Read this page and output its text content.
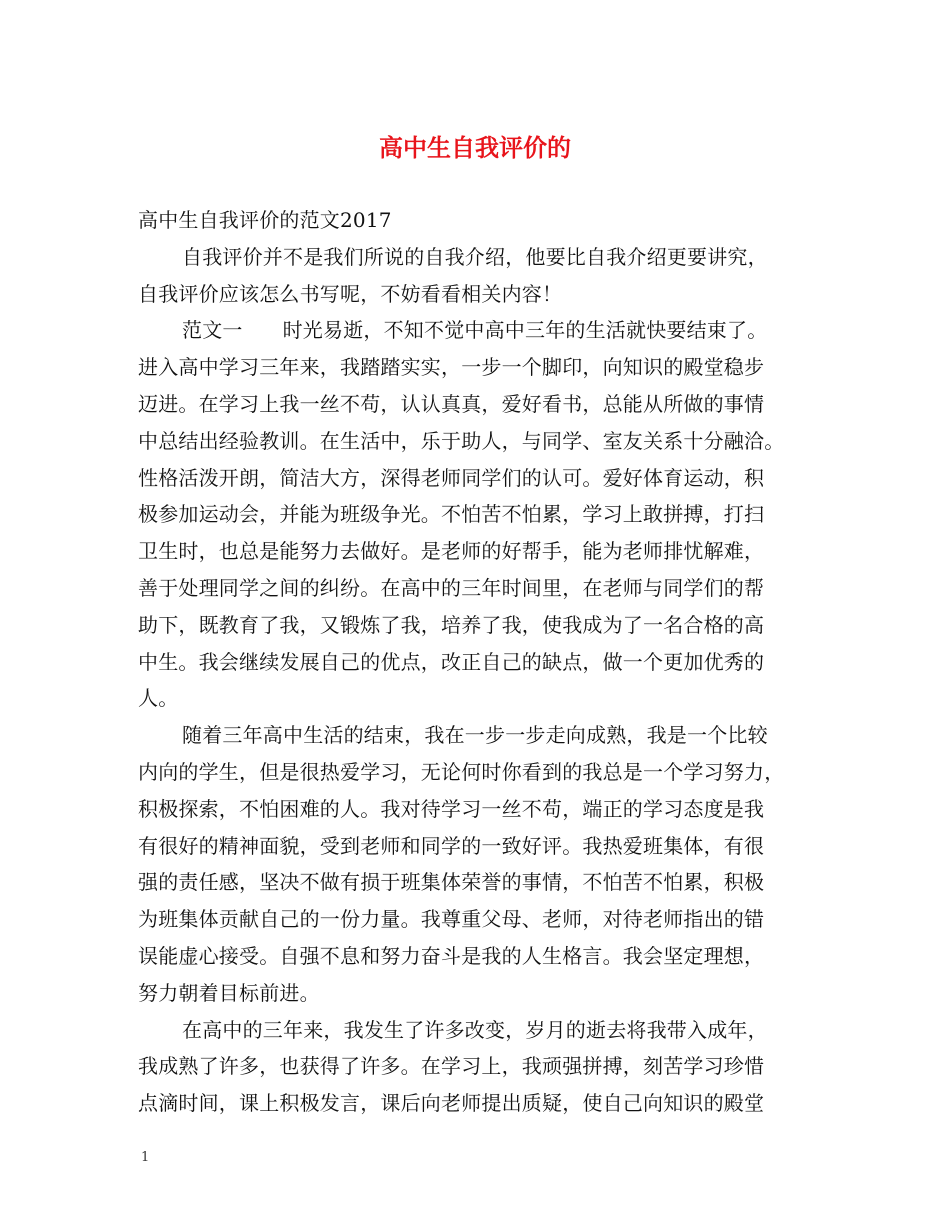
高中生自我评价的
高中生自我评价的范文2017
自我评价并不是我们所说的自我介绍，他要比自我介绍更要讲究，
自我评价应该怎么书写呢，不妨看看相关内容！
范文一 时光易逝，不知不觉中高中三年的生活就快要结束了。
进入高中学习三年来，我踏踏实实，一步一个脚印，向知识的殿堂稳步
迈进。在学习上我一丝不苟，认认真真，爱好看书，总能从所做的事情
中总结出经验教训。在生活中，乐于助人，与同学、室友关系十分融洽。
性格活泼开朗，简洁大方，深得老师同学们的认可。爱好体育运动，积
极参加运动会，并能为班级争光。不怕苦不怕累，学习上敢拼搏，打扫
卫生时，也总是能努力去做好。是老师的好帮手，能为老师排忧解难，
善于处理同学之间的纠纷。在高中的三年时间里，在老师与同学们的帮
助下，既教育了我，又锻炼了我，培养了我，使我成为了一名合格的高
中生。我会继续发展自己的优点，改正自己的缺点，做一个更加优秀的
人。
随着三年高中生活的结束，我在一步一步走向成熟，我是一个比较
内向的学生，但是很热爱学习，无论何时你看到的我总是一个学习努力，
积极探索，不怕困难的人。我对待学习一丝不苟，端正的学习态度是我
有很好的精神面貌，受到老师和同学的一致好评。我热爱班集体，有很
强的责任感，坚决不做有损于班集体荣誉的事情，不怕苦不怕累，积极
为班集体贡献自己的一份力量。我尊重父母、老师，对待老师指出的错
误能虚心接受。自强不息和努力奋斗是我的人生格言。我会坚定理想，
努力朝着目标前进。
在高中的三年来，我发生了许多改变，岁月的逝去将我带入成年，
我成熟了许多，也获得了许多。在学习上，我顽强拼搏，刻苦学习珍惜
点滴时间，课上积极发言，课后向老师提出质疑，使自己向知识的殿堂
1
